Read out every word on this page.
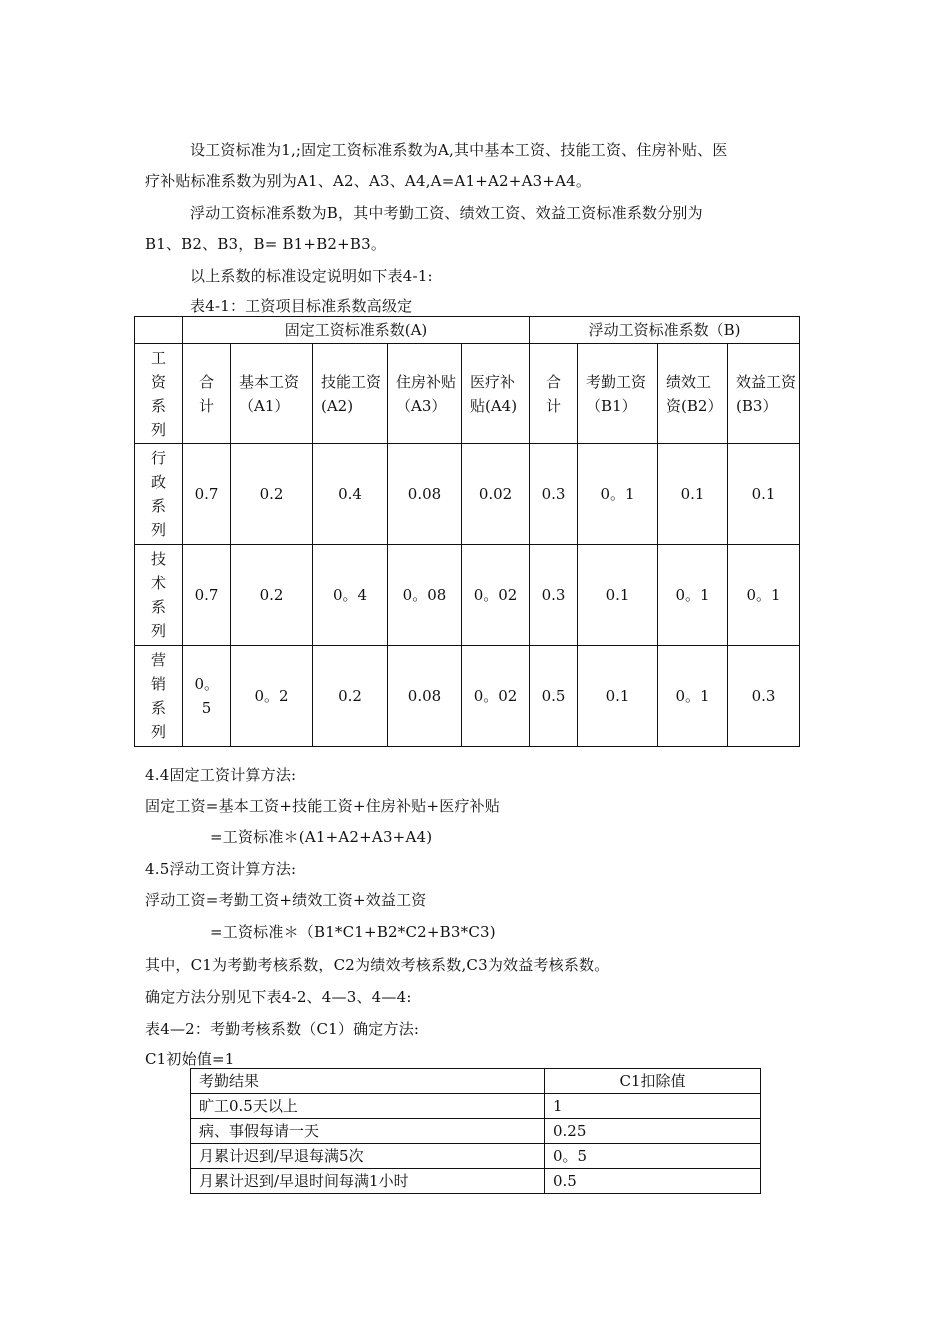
设工资标准为1,;固定工资标准系数为A,其中基本工资、技能工资、住房补贴、医
疗补贴标准系数为别为A1、A2、A3、A4,A=A1+A2+A3+A4。
浮动工资标准系数为B，其中考勤工资、绩效工资、效益工资标准系数分别为
B1、B2、B3，B= B1+B2+B3。
以上系数的标准设定说明如下表4-1:
表4-1：工资项目标准系数高级定
	固定工资标准系数(A)					浮动工资标准系数（B)			

工资系列	合计	基本工资（A1）	技能工资(A2)	住房补贴（A3）	医疗补贴(A4)	合计	考勤工资（B1）	绩效工资(B2）	效益工资(B3）

行政系列	0.7	0.2	0.4	0.08	0.02	0.3	0。1	0.1	0.1

技术系列	0.7	0.2	0。4	0。08	0。02	0.3	0.1	0。1	0。1

营销系列	0。5	0。2	0.2	0.08	0。02	0.5	0.1	0。1	0.3
4.4固定工资计算方法:
固定工资=基本工资+技能工资+住房补贴+医疗补贴
=工资标准＊(A1+A2+A3+A4)
4.5浮动工资计算方法:
浮动工资=考勤工资+绩效工资+效益工资
=工资标准＊（B1*C1+B2*C2+B3*C3)
其中，C1为考勤考核系数，C2为绩效考核系数,C3为效益考核系数。
确定方法分别见下表4-2、4—3、4—4:
表4—2：考勤考核系数（C1）确定方法:
C1初始值=1
考勤结果	C1扣除值
旷工0.5天以上	1
病、事假每请一天	0.25
月累计迟到/早退每满5次	0。5
月累计迟到/早退时间每满1小时	0.5
